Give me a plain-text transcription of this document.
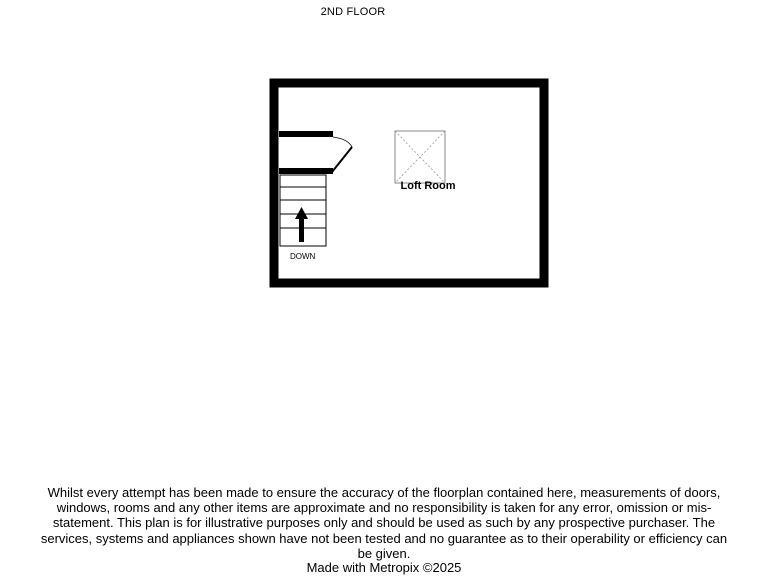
2ND FLOOR
Loft Room
DOWN
Whilst every attempt has been made to ensure the accuracy of the floorplan contained here, measurements of doors, windows, rooms and any other items are approximate and no responsibility is taken for any error, omission or mis-statement. This plan is for illustrative purposes only and should be used as such by any prospective purchaser. The services, systems and appliances shown have not been tested and no guarantee as to their operability or efficiency can be given.
Made with Metropix ©2025
